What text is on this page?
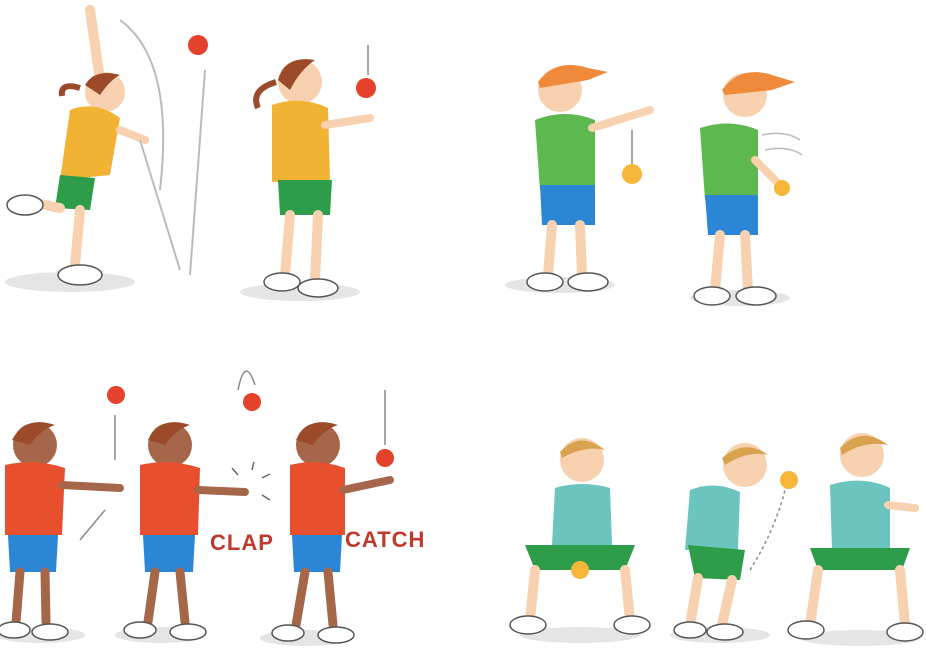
CLAP	CATCH
